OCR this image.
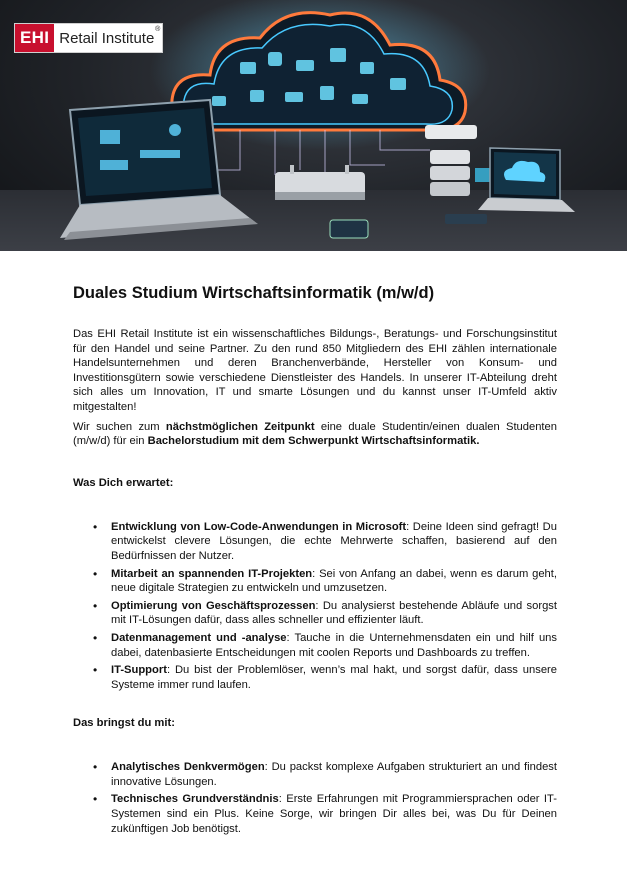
EHI Retail Institute®
Duales Studium Wirtschaftsinformatik (m/w/d)

Das EHI Retail Institute ist ein wissenschaftliches Bildungs-, Beratungs- und Forschungsinstitut für den Handel und seine Partner. Zu den rund 850 Mitgliedern des EHI zählen internationale Handelsunternehmen und deren Branchenverbände, Hersteller von Konsum- und Investitionsgütern sowie verschiedene Dienstleister des Handels. In unserer IT-Abteilung dreht sich alles um Innovation, IT und smarte Lösungen und du kannst unser IT-Umfeld aktiv mitgestalten!

Wir suchen zum nächstmöglichen Zeitpunkt eine duale Studentin/einen dualen Studenten (m/w/d) für ein Bachelorstudium mit dem Schwerpunkt Wirtschaftsinformatik.

Was Dich erwartet:
• Entwicklung von Low-Code-Anwendungen in Microsoft: Deine Ideen sind gefragt! Du entwickelst clevere Lösungen, die echte Mehrwerte schaffen, basierend auf den Bedürfnissen der Nutzer.
• Mitarbeit an spannenden IT-Projekten: Sei von Anfang an dabei, wenn es darum geht, neue digitale Strategien zu entwickeln und umzusetzen.
• Optimierung von Geschäftsprozessen: Du analysierst bestehende Abläufe und sorgst mit IT-Lösungen dafür, dass alles schneller und effizienter läuft.
• Datenmanagement und -analyse: Tauche in die Unternehmensdaten ein und hilf uns dabei, datenbasierte Entscheidungen mit coolen Reports und Dashboards zu treffen.
• IT-Support: Du bist der Problemlöser, wenn’s mal hakt, und sorgst dafür, dass unsere Systeme immer rund laufen.
Das bringst du mit:
• Analytisches Denkvermögen: Du packst komplexe Aufgaben strukturiert an und findest innovative Lösungen.
• Technisches Grundverständnis: Erste Erfahrungen mit Programmiersprachen oder IT-Systemen sind ein Plus. Keine Sorge, wir bringen Dir alles bei, was Du für Deinen zukünftigen Job benötigst.
